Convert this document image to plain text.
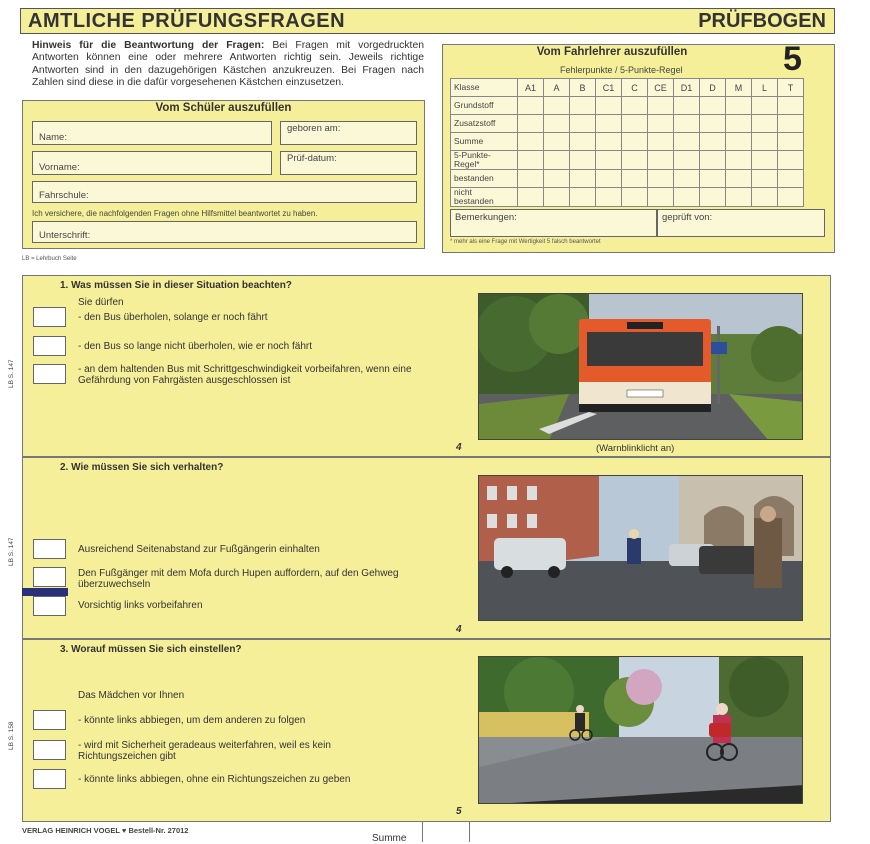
AMTLICHE PRÜFUNGSFRAGEN	PRÜFBOGEN
Hinweis für die Beantwortung der Fragen: Bei Fragen mit vorgedruckten Antworten können eine oder mehrere Antworten richtig sein. Jeweils richtige Antworten sind in den dazugehörigen Kästchen anzukreuzen. Bei Fragen nach Zahlen sind diese in die dafür vorgesehenen Kästchen einzusetzen.
Vom Schüler auszufüllen
Name:
geboren am:
Vorname:
Prüf-datum:
Fahrschule:
Ich versichere, die nachfolgenden Fragen ohne Hilfsmittel beantwortet zu haben.
Unterschrift:
Vom Fahrlehrer auszufüllen	5
Fehlerpunkte / 5-Punkte-Regel
Klasse	A1	A	B	C1	C	CE	D1	D	M	L	T
Grundstoff											
Zusatzstoff											
Summe											
5-Punkte-Regel*											
bestanden											
nicht bestanden											
Bemerkungen:	geprüft von:
* mehr als eine Frage mit Wertigkeit 5 falsch beantwortet
LB = Lehrbuch Seite
1. Was müssen Sie in dieser Situation beachten?
Sie dürfen
- den Bus überholen, solange er noch fährt
- den Bus so lange nicht überholen, wie er noch fährt
- an dem haltenden Bus mit Schrittgeschwindigkeit vorbeifahren, wenn eine Gefährdung von Fahrgästen ausgeschlossen ist
LB S. 147
4	(Warnblinklicht an)
2. Wie müssen Sie sich verhalten?
Ausreichend Seitenabstand zur Fußgängerin einhalten
Den Fußgänger mit dem Mofa durch Hupen auffordern, auf den Gehweg überzuwechseln
Vorsichtig links vorbeifahren
LB S. 147
4
3. Worauf müssen Sie sich einstellen?
Das Mädchen vor Ihnen
- könnte links abbiegen, um dem anderen zu folgen
- wird mit Sicherheit geradeaus weiterfahren, weil es kein Richtungszeichen gibt
- könnte links abbiegen, ohne ein Richtungszeichen zu geben
LB S. 158
5
VERLAG HEINRICH VOGEL ♥ Bestell-Nr. 27012
Summe
